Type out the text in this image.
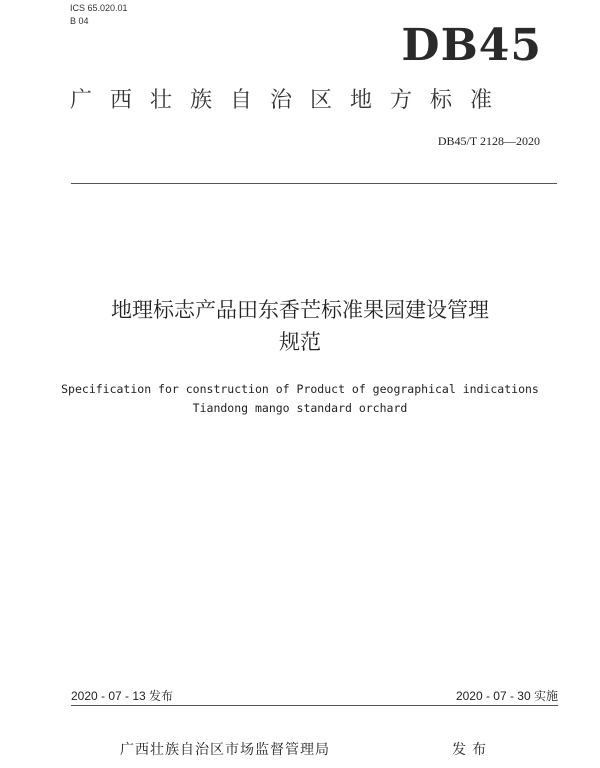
ICS 65.020.01
B 04	DB45
广西壮族自治区地方标准
DB45/T 2128—2020
地理标志产品田东香芒标准果园建设管理
规范
Specification for construction of Product of geographical indications
Tiandong mango standard orchard
2020 - 07 - 13 发布	2020 - 07 - 30 实施
广西壮族自治区市场监督管理局	发布
